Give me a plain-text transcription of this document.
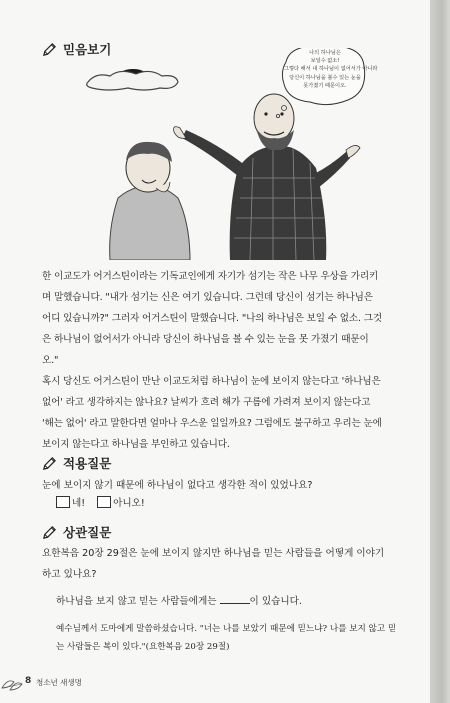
믿음보기	나의 하나님은
보일수 없소!
그렇다 해서 내 하나님이 없어서가 아니라
당신이 하나님을 볼수 있는 눈을
못가졌기 때문이오.
한 이교도가 어거스틴이라는 기독교인에게 자기가 섬기는 작은 나무 우상을 가리키
며 말했습니다. "내가 섬기는 신은 여기 있습니다. 그런데 당신이 섬기는 하나님은
어디 있습니까?" 그러자 어거스틴이 말했습니다. "나의 하나님은 보일 수 없소. 그것
은 하나님이 없어서가 아니라 당신이 하나님을 볼 수 있는 눈을 못 가졌기 때문이
오."
혹시 당신도 어거스틴이 만난 이교도처럼 하나님이 눈에 보이지 않는다고 '하나님은
없어' 라고 생각하지는 않나요? 날씨가 흐려 해가 구름에 가려져 보이지 않는다고
'해는 없어' 라고 말한다면 얼마나 우스운 일일까요? 그럼에도 불구하고 우리는 눈에
보이지 않는다고 하나님을 부인하고 있습니다.
적용질문
눈에 보이지 않기 때문에 하나님이 없다고 생각한 적이 있었나요?
네!	아니오!
상관질문
요한복음 20장 29절은 눈에 보이지 않지만 하나님을 믿는 사람들을 어떻게 이야기
하고 있나요?
하나님을 보지 않고 믿는 사람들에게는	이 있습니다.
예수님께서 도마에게 말씀하셨습니다. "너는 나를 보았기 때문에 믿느냐? 나를 보지 않고 믿
는 사람들은 복이 있다."(요한복음 20장 29절)
8 청소년 새생명
